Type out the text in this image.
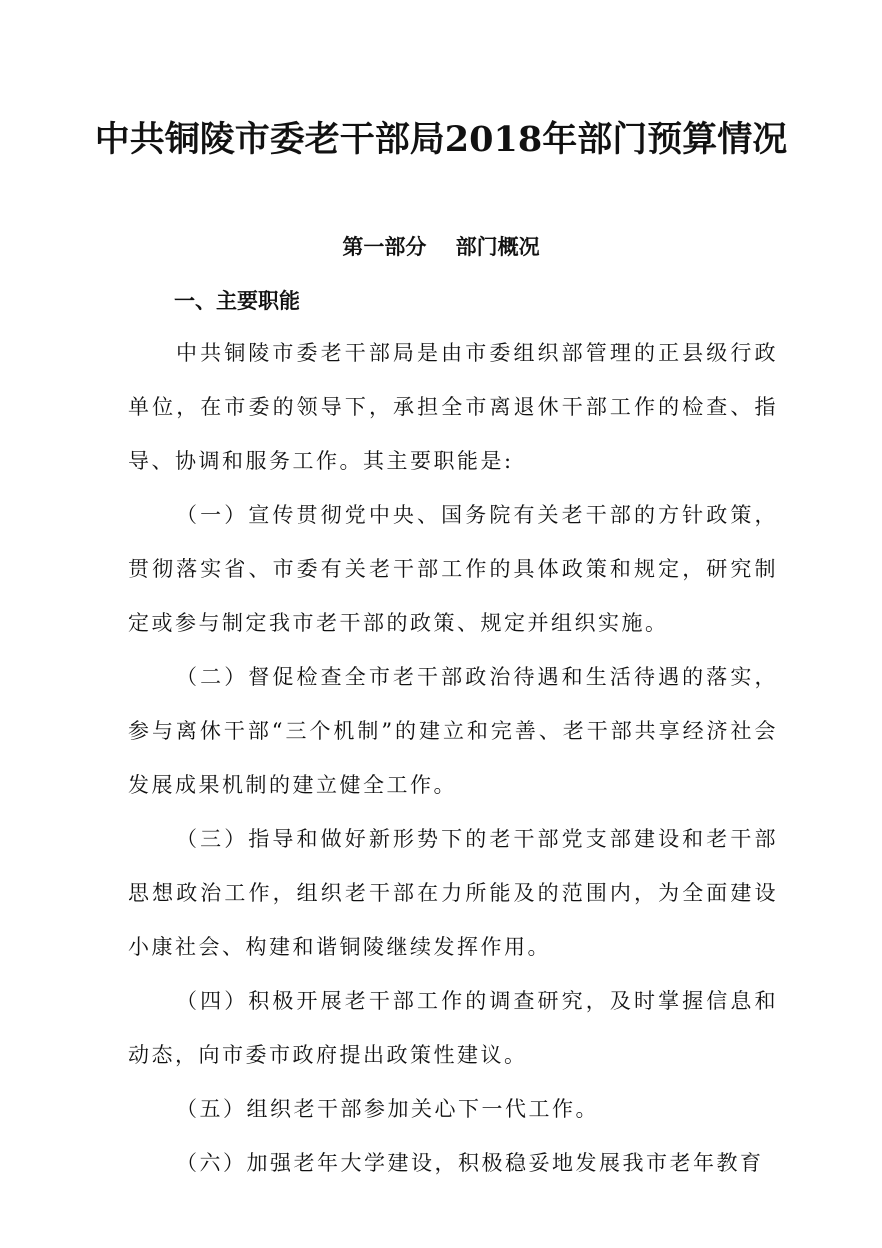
中共铜陵市委老干部局2018年部门预算情况
第一部分    部门概况
一、主要职能

中共铜陵市委老干部局是由市委组织部管理的正县级行政单位，在市委的领导下，承担全市离退休干部工作的检查、指导、协调和服务工作。其主要职能是:

（一）宣传贯彻党中央、国务院有关老干部的方针政策，贯彻落实省、市委有关老干部工作的具体政策和规定，研究制定或参与制定我市老干部的政策、规定并组织实施。

（二）督促检查全市老干部政治待遇和生活待遇的落实，参与离休干部“三个机制”的建立和完善、老干部共享经济社会发展成果机制的建立健全工作。

（三）指导和做好新形势下的老干部党支部建设和老干部思想政治工作，组织老干部在力所能及的范围内，为全面建设小康社会、构建和谐铜陵继续发挥作用。

（四）积极开展老干部工作的调查研究，及时掌握信息和动态，向市委市政府提出政策性建议。

（五）组织老干部参加关心下一代工作。

（六）加强老年大学建设，积极稳妥地发展我市老年教育
